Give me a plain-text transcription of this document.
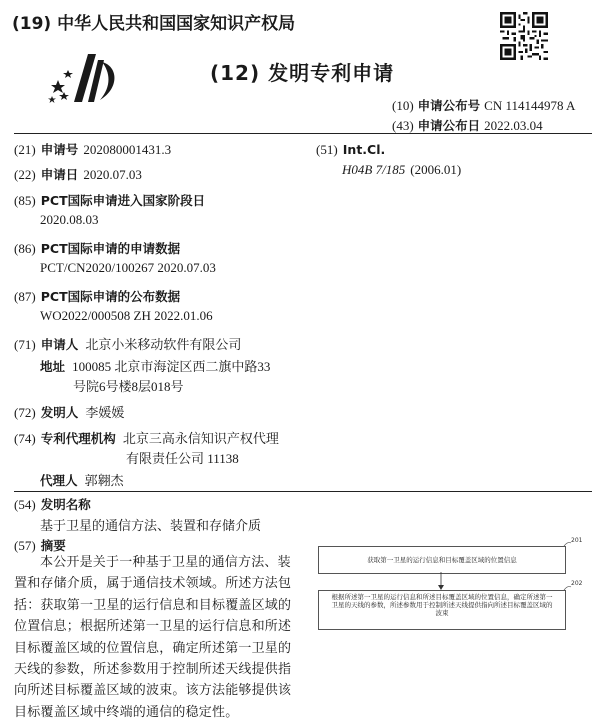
(19) 中华人民共和国国家知识产权局
(12) 发明专利申请
(10) 申请公布号 CN 114144978 A
(43) 申请公布日 2022.03.04
(21) 申请号 202080001431.3
(22) 申请日 2020.07.03
(85) PCT国际申请进入国家阶段日
2020.08.03
(86) PCT国际申请的申请数据
PCT/CN2020/100267 2020.07.03
(87) PCT国际申请的公布数据
WO2022/000508 ZH 2022.01.06
(71) 申请人 北京小米移动软件有限公司
地址 100085 北京市海淀区西二旗中路33
号院6号楼8层018号
(72) 发明人 李媛媛
(74) 专利代理机构 北京三高永信知识产权代理
有限责任公司 11138
代理人 郭翱杰
(51) Int.Cl.
H04B 7/185 (2006.01)
(54) 发明名称
基于卫星的通信方法、装置和存储介质
(57) 摘要
本公开是关于一种基于卫星的通信方法、装
置和存储介质，属于通信技术领域。所述方法包
括：获取第一卫星的运行信息和目标覆盖区域的
位置信息；根据所述第一卫星的运行信息和所述
目标覆盖区域的位置信息，确定所述第一卫星的
天线的参数，所述参数用于控制所述天线提供指
向所述目标覆盖区域的波束。该方法能够提供该
目标覆盖区域中终端的通信的稳定性。
获取第一卫星的运行信息和目标覆盖区域的位置信息
201
根据所述第一卫星的运行信息和所述目标覆盖区域的位置信息，确定所述第一
卫星的天线的参数，所述参数用于控制所述天线提供指向所述目标覆盖区域的
波束
202
